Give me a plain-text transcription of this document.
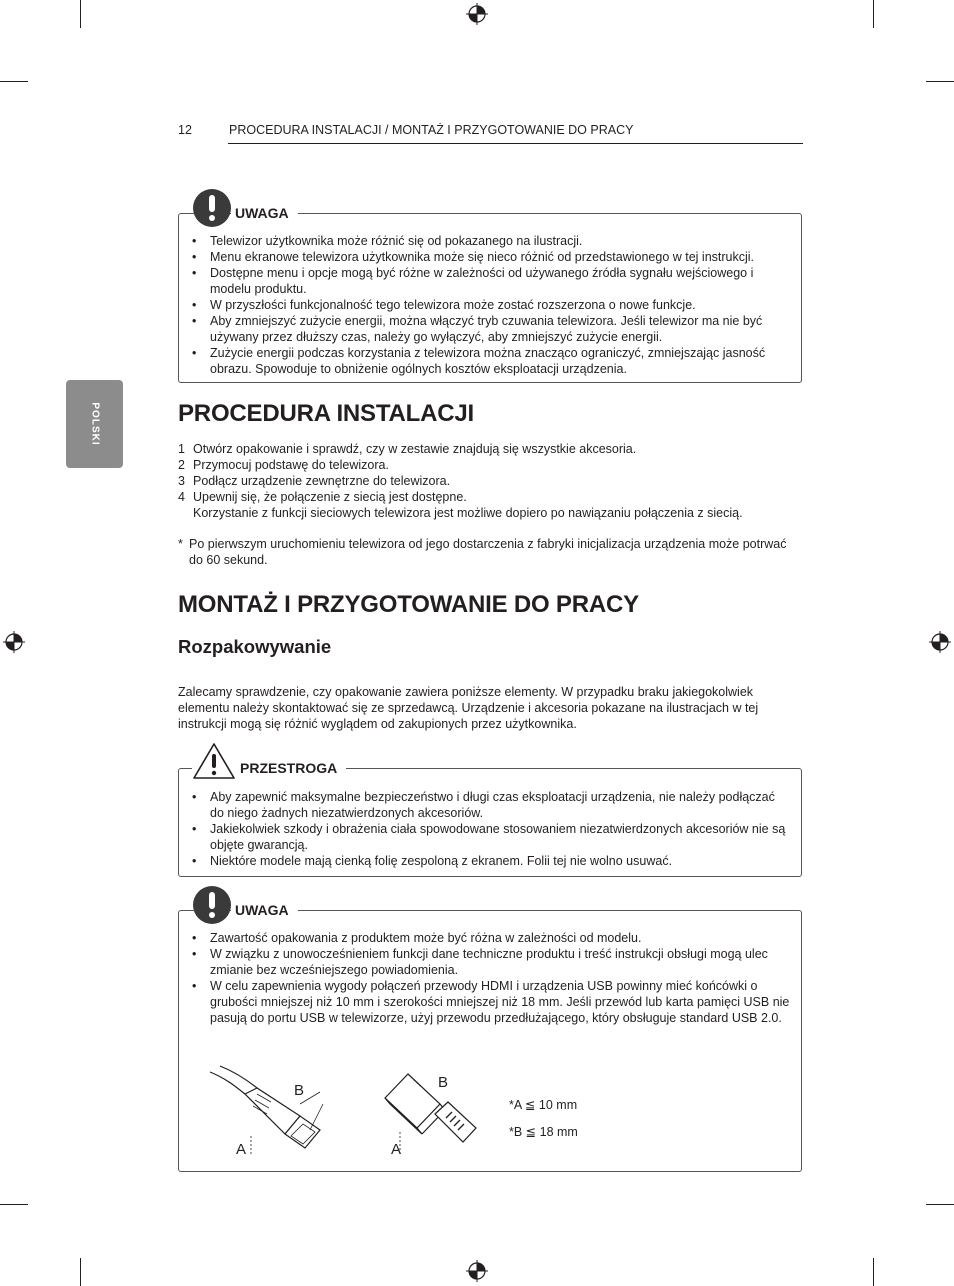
12	PROCEDURA INSTALACJI / MONTAŻ I PRZYGOTOWANIE DO PRACY
POLSKI
UWAGA
• Telewizor użytkownika może różnić się od pokazanego na ilustracji.
• Menu ekranowe telewizora użytkownika może się nieco różnić od przedstawionego w tej instrukcji.
• Dostępne menu i opcje mogą być różne w zależności od używanego źródła sygnału wejściowego i modelu produktu.
• W przyszłości funkcjonalność tego telewizora może zostać rozszerzona o nowe funkcje.
• Aby zmniejszyć zużycie energii, można włączyć tryb czuwania telewizora. Jeśli telewizor ma nie być używany przez dłuższy czas, należy go wyłączyć, aby zmniejszyć zużycie energii.
• Zużycie energii podczas korzystania z telewizora można znacząco ograniczyć, zmniejszając jasność obrazu. Spowoduje to obniżenie ogólnych kosztów eksploatacji urządzenia.
PROCEDURA INSTALACJI
1 Otwórz opakowanie i sprawdź, czy w zestawie znajdują się wszystkie akcesoria.
2 Przymocuj podstawę do telewizora.
3 Podłącz urządzenie zewnętrzne do telewizora.
4 Upewnij się, że połączenie z siecią jest dostępne.
Korzystanie z funkcji sieciowych telewizora jest możliwe dopiero po nawiązaniu połączenia z siecią.
* Po pierwszym uruchomieniu telewizora od jego dostarczenia z fabryki inicjalizacja urządzenia może potrwać do 60 sekund.
MONTAŻ I PRZYGOTOWANIE DO PRACY
Rozpakowywanie
Zalecamy sprawdzenie, czy opakowanie zawiera poniższe elementy. W przypadku braku jakiegokolwiek elementu należy skontaktować się ze sprzedawcą. Urządzenie i akcesoria pokazane na ilustracjach w tej instrukcji mogą się różnić wyglądem od zakupionych przez użytkownika.
PRZESTROGA
• Aby zapewnić maksymalne bezpieczeństwo i długi czas eksploatacji urządzenia, nie należy podłączać do niego żadnych niezatwierdzonych akcesoriów.
• Jakiekolwiek szkody i obrażenia ciała spowodowane stosowaniem niezatwierdzonych akcesoriów nie są objęte gwarancją.
• Niektóre modele mają cienką folię zespoloną z ekranem. Folii tej nie wolno usuwać.
UWAGA
• Zawartość opakowania z produktem może być różna w zależności od modelu.
• W związku z unowocześnieniem funkcji dane techniczne produktu i treść instrukcji obsługi mogą ulec zmianie bez wcześniejszego powiadomienia.
• W celu zapewnienia wygody połączeń przewody HDMI i urządzenia USB powinny mieć końcówki o grubości mniejszej niż 10 mm i szerokości mniejszej niż 18 mm. Jeśli przewód lub karta pamięci USB nie pasują do portu USB w telewizorze, użyj przewodu przedłużającego, który obsługuje standard USB 2.0.
B
A
B
A
*A ≦ 10 mm
*B ≦ 18 mm
